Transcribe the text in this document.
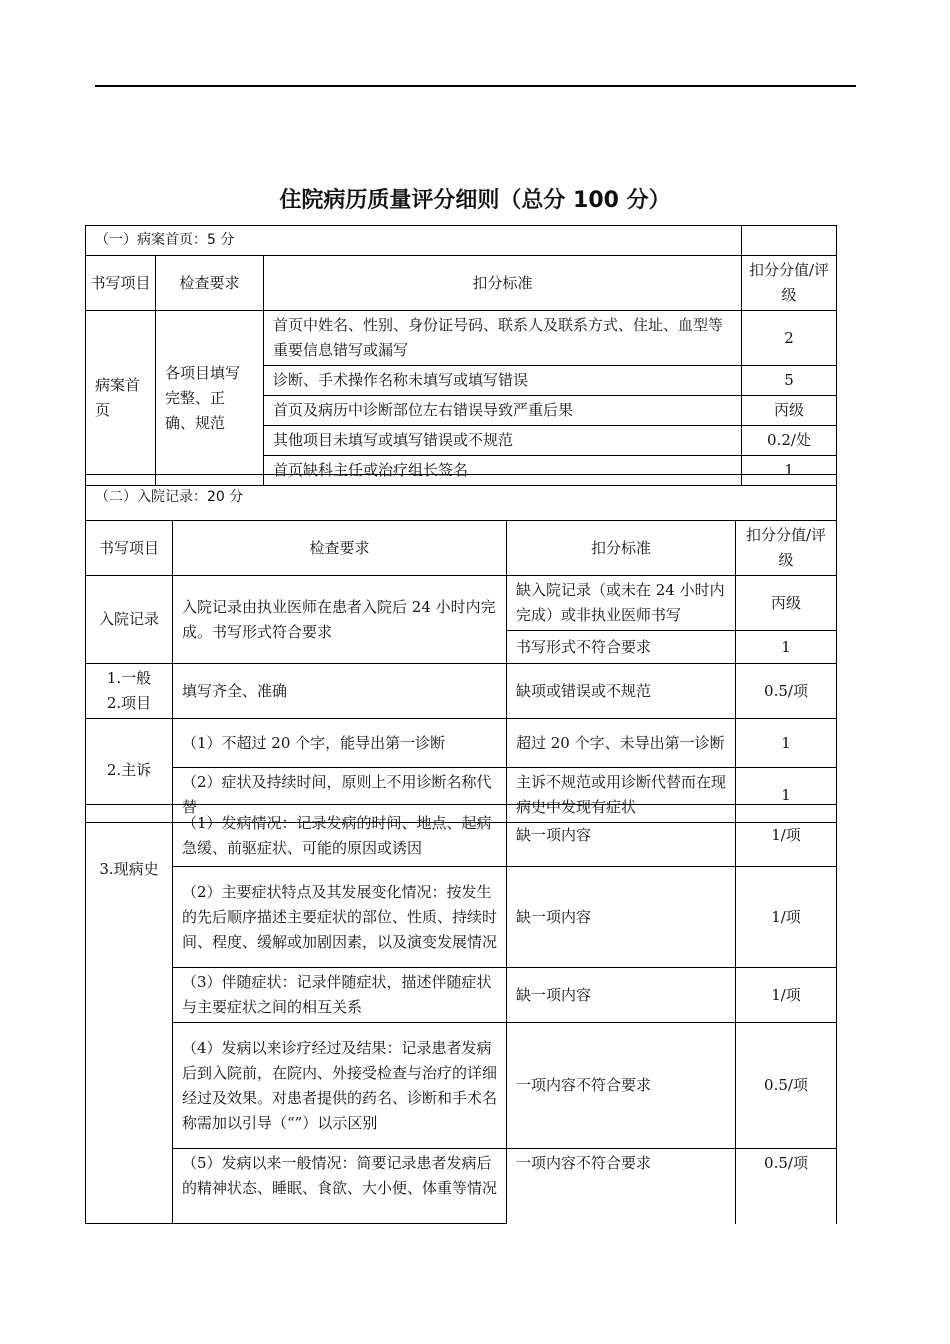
住院病历质量评分细则（总分 100 分）
（一）病案首页：5 分			
书写项目	检查要求	扣分标准	扣分分值/评级
病案首页	各项目填写完整、正确、规范	首页中姓名、性别、身份证号码、联系人及联系方式、住址、血型等重要信息错写或漏写	2
		诊断、手术操作名称未填写或填写错误	5
		首页及病历中诊断部位左右错误导致严重后果	丙级
		其他项目未填写或填写错误或不规范	0.2/处
		首页缺科主任或治疗组长签名	1
（二）入院记录：20 分			
书写项目	检查要求	扣分标准	扣分分值/评级
入院记录	入院记录由执业医师在患者入院后 24 小时内完成。书写形式符合要求	缺入院记录（或未在 24 小时内完成）或非执业医师书写	丙级
		书写形式不符合要求	1

1.一般
2.项目	填写齐全、准确	缺项或错误或不规范	0.5/项
2.主诉	（1）不超过 20 个字，能导出第一诊断	超过 20 个字、未导出第一诊断	1
	（2）症状及持续时间，原则上不用诊断名称代替	主诉不规范或用诊断代替而在现病史中发现有症状	1
3.现病史	（1）发病情况：记录发病的时间、地点、起病急缓、前驱症状、可能的原因或诱因	缺一项内容	1/项
	（2）主要症状特点及其发展变化情况：按发生的先后顺序描述主要症状的部位、性质、持续时间、程度、缓解或加剧因素，以及演变发展情况	缺一项内容	1/项
	（3）伴随症状：记录伴随症状，描述伴随症状与主要症状之间的相互关系	缺一项内容	1/项
	（4）发病以来诊疗经过及结果：记录患者发病后到入院前，在院内、外接受检查与治疗的详细经过及效果。对患者提供的药名、诊断和手术名称需加以引导（“”）以示区别	一项内容不符合要求	0.5/项
	（5）发病以来一般情况：简要记录患者发病后的精神状态、睡眠、食欲、大小便、体重等情况	一项内容不符合要求	0.5/项
